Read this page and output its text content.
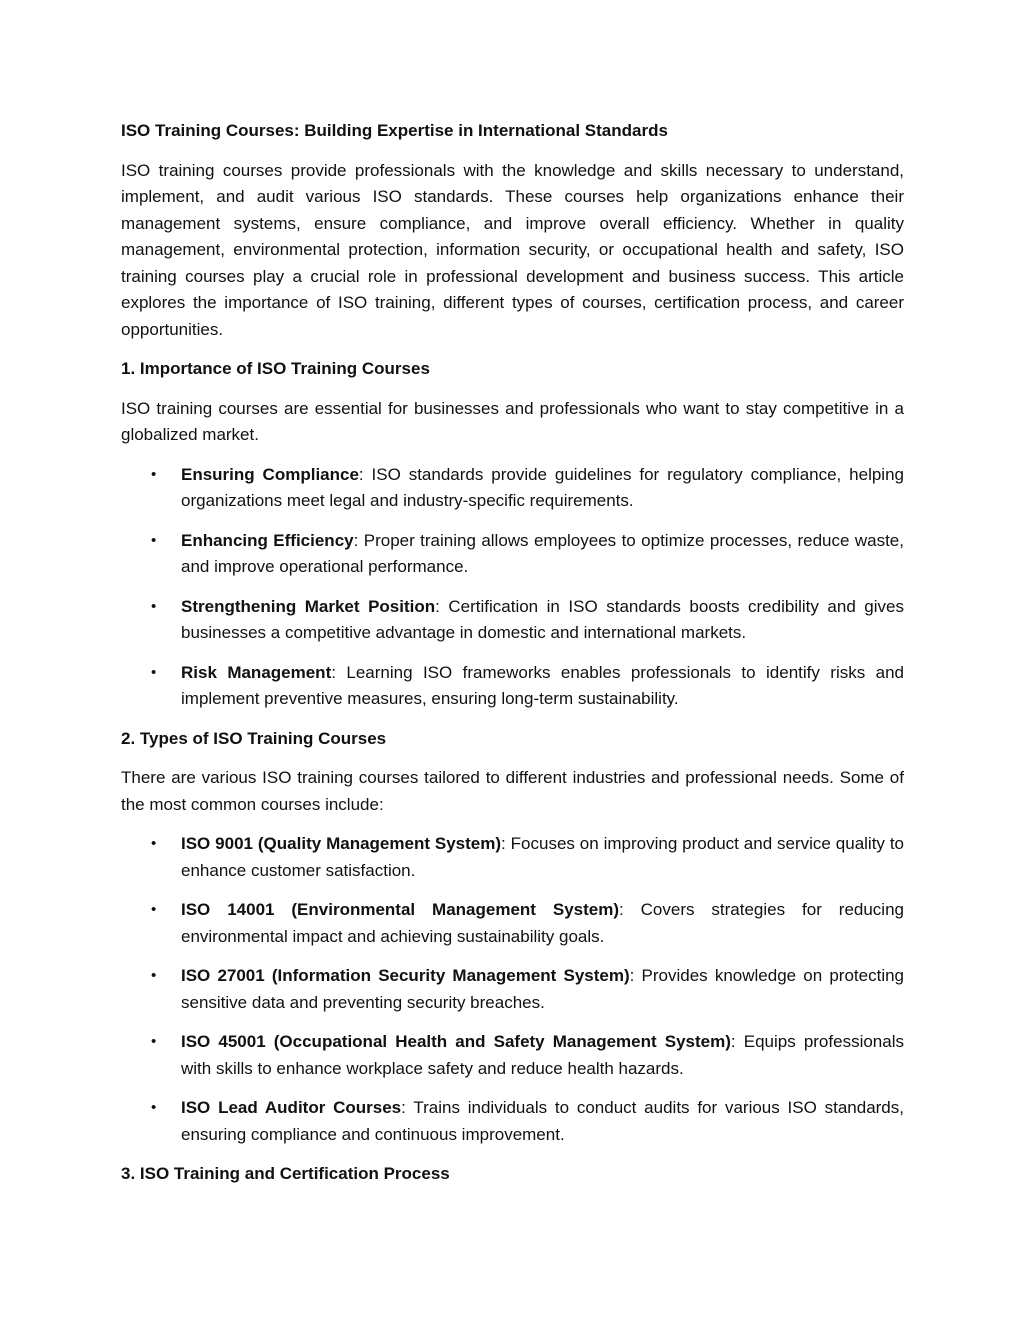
ISO Training Courses: Building Expertise in International Standards

ISO training courses provide professionals with the knowledge and skills necessary to understand, implement, and audit various ISO standards. These courses help organizations enhance their management systems, ensure compliance, and improve overall efficiency. Whether in quality management, environmental protection, information security, or occupational health and safety, ISO training courses play a crucial role in professional development and business success. This article explores the importance of ISO training, different types of courses, certification process, and career opportunities.

1. Importance of ISO Training Courses

ISO training courses are essential for businesses and professionals who want to stay competitive in a globalized market.

• Ensuring Compliance: ISO standards provide guidelines for regulatory compliance, helping organizations meet legal and industry-specific requirements.
• Enhancing Efficiency: Proper training allows employees to optimize processes, reduce waste, and improve operational performance.
• Strengthening Market Position: Certification in ISO standards boosts credibility and gives businesses a competitive advantage in domestic and international markets.
• Risk Management: Learning ISO frameworks enables professionals to identify risks and implement preventive measures, ensuring long-term sustainability.

2. Types of ISO Training Courses

There are various ISO training courses tailored to different industries and professional needs. Some of the most common courses include:

• ISO 9001 (Quality Management System): Focuses on improving product and service quality to enhance customer satisfaction.
• ISO 14001 (Environmental Management System): Covers strategies for reducing environmental impact and achieving sustainability goals.
• ISO 27001 (Information Security Management System): Provides knowledge on protecting sensitive data and preventing security breaches.
• ISO 45001 (Occupational Health and Safety Management System): Equips professionals with skills to enhance workplace safety and reduce health hazards.
• ISO Lead Auditor Courses: Trains individuals to conduct audits for various ISO standards, ensuring compliance and continuous improvement.

3. ISO Training and Certification Process
